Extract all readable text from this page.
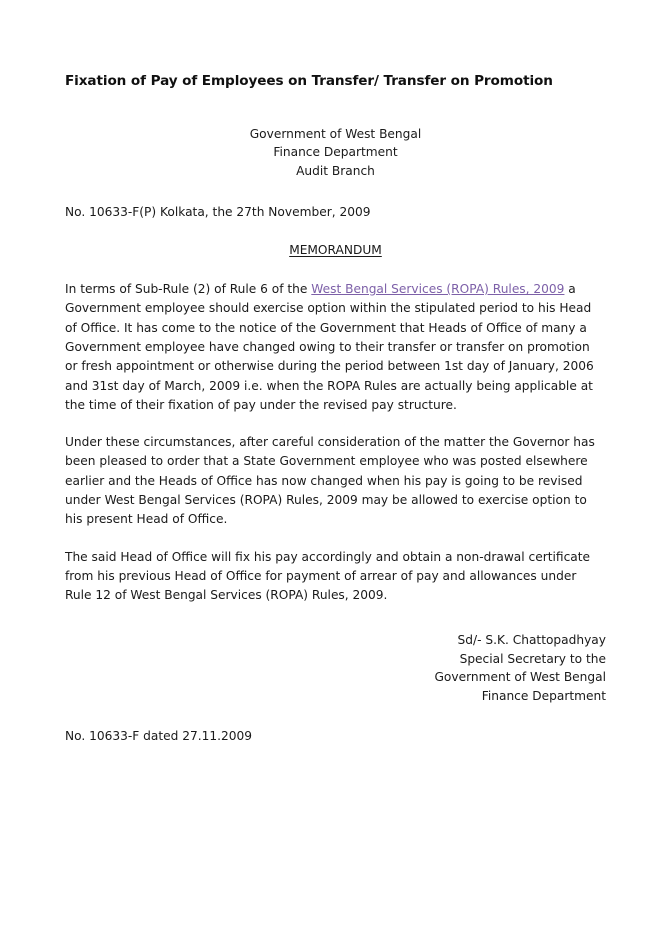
Fixation of Pay of Employees on Transfer/ Transfer on Promotion
Government of West Bengal
Finance Department
Audit Branch

No. 10633-F(P) Kolkata, the 27th November, 2009

MEMORANDUM

In terms of Sub-Rule (2) of Rule 6 of the West Bengal Services (ROPA) Rules, 2009 a Government employee should exercise option within the stipulated period to his Head of Office. It has come to the notice of the Government that Heads of Office of many a Government employee have changed owing to their transfer or transfer on promotion or fresh appointment or otherwise during the period between 1st day of January, 2006 and 31st day of March, 2009 i.e. when the ROPA Rules are actually being applicable at the time of their fixation of pay under the revised pay structure.

Under these circumstances, after careful consideration of the matter the Governor has been pleased to order that a State Government employee who was posted elsewhere earlier and the Heads of Office has now changed when his pay is going to be revised under West Bengal Services (ROPA) Rules, 2009 may be allowed to exercise option to his present Head of Office.

The said Head of Office will fix his pay accordingly and obtain a non-drawal certificate from his previous Head of Office for payment of arrear of pay and allowances under Rule 12 of West Bengal Services (ROPA) Rules, 2009.

Sd/- S.K. Chattopadhyay
Special Secretary to the
Government of West Bengal
Finance Department

No. 10633-F dated 27.11.2009
